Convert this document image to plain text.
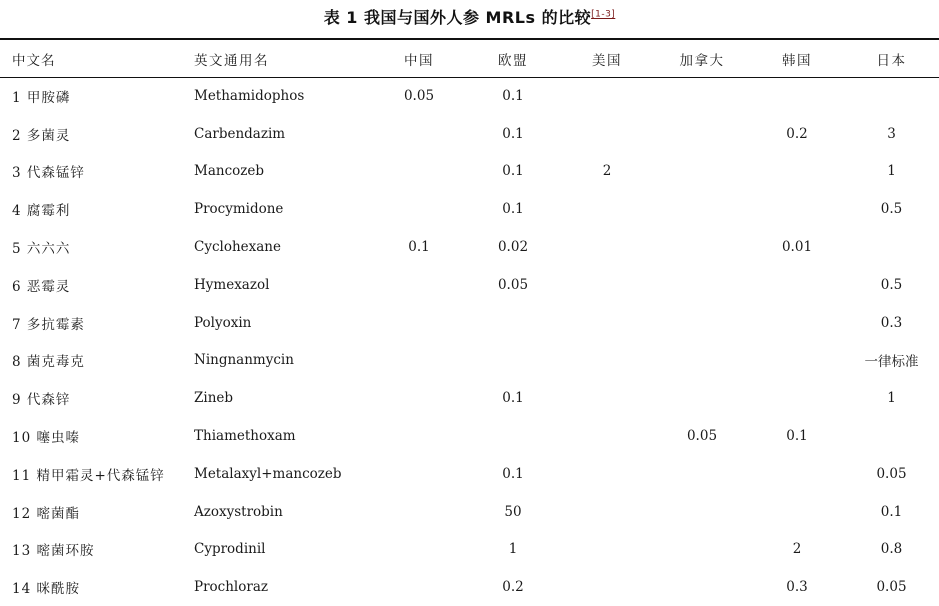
表 1 我国与国外人参 MRLs 的比较[1-3]
中文名	英文通用名	中国	欧盟	美国	加拿大	韩国	日本
1 甲胺磷	Methamidophos	0.05	0.1				
2 多菌灵	Carbendazim		0.1			0.2	3
3 代森锰锌	Mancozeb		0.1	2			1
4 腐霉利	Procymidone		0.1				0.5
5 六六六	Cyclohexane	0.1	0.02			0.01	
6 恶霉灵	Hymexazol		0.05				0.5
7 多抗霉素	Polyoxin						0.3
8 菌克毒克	Ningnanmycin						一律标准
9 代森锌	Zineb		0.1				1
10 噻虫嗪	Thiamethoxam				0.05	0.1	
11 精甲霜灵+代森锰锌	Metalaxyl+mancozeb		0.1				0.05
12 嘧菌酯	Azoxystrobin		50				0.1
13 嘧菌环胺	Cyprodinil		1			2	0.8
14 咪酰胺	Prochloraz		0.2			0.3	0.05
